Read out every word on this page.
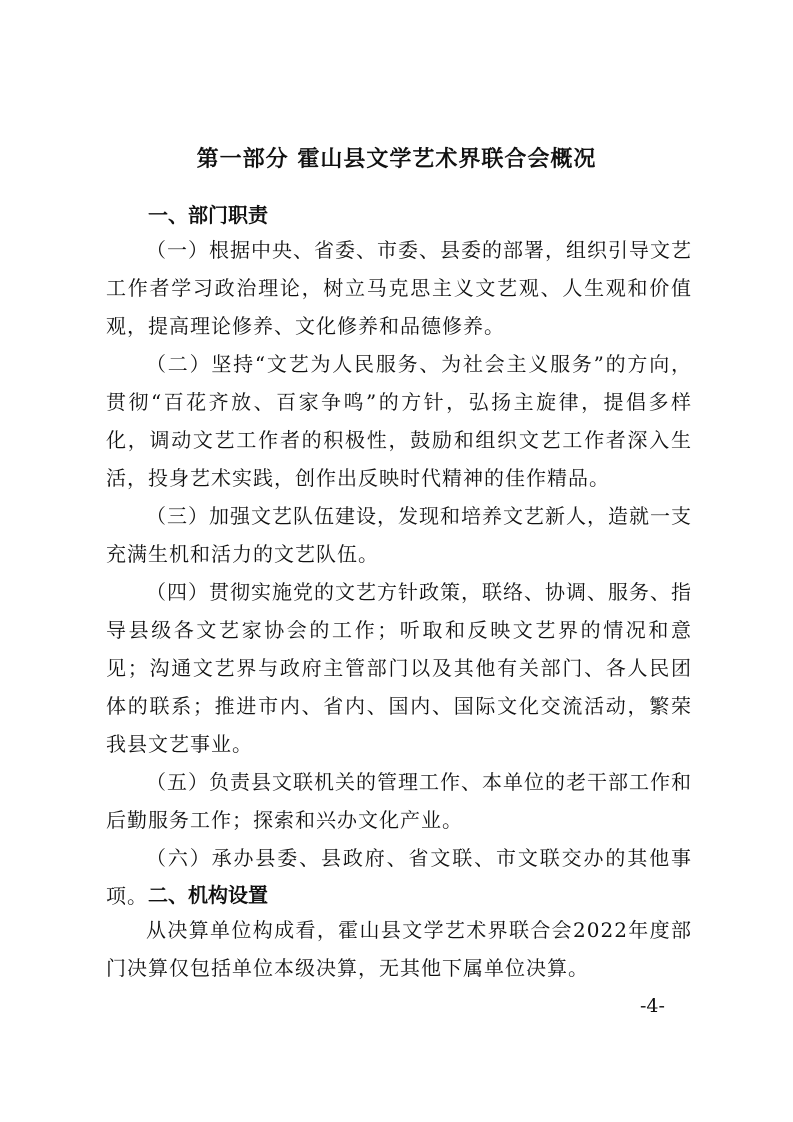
第一部分 霍山县文学艺术界联合会概况
一、部门职责

（一）根据中央、省委、市委、县委的部署，组织引导文艺工作者学习政治理论，树立马克思主义文艺观、人生观和价值观，提高理论修养、文化修养和品德修养。

（二）坚持“文艺为人民服务、为社会主义服务”的方向，贯彻“百花齐放、百家争鸣”的方针，弘扬主旋律，提倡多样化，调动文艺工作者的积极性，鼓励和组织文艺工作者深入生活，投身艺术实践，创作出反映时代精神的佳作精品。

（三）加强文艺队伍建设，发现和培养文艺新人，造就一支充满生机和活力的文艺队伍。

（四）贯彻实施党的文艺方针政策，联络、协调、服务、指导县级各文艺家协会的工作；听取和反映文艺界的情况和意见；沟通文艺界与政府主管部门以及其他有关部门、各人民团体的联系；推进市内、省内、国内、国际文化交流活动，繁荣我县文艺事业。

（五）负责县文联机关的管理工作、本单位的老干部工作和后勤服务工作；探索和兴办文化产业。

（六）承办县委、县政府、省文联、市文联交办的其他事项。 二、机构设置

从决算单位构成看，霍山县文学艺术界联合会2022年度部门决算仅包括单位本级决算，无其他下属单位决算。

-4-
